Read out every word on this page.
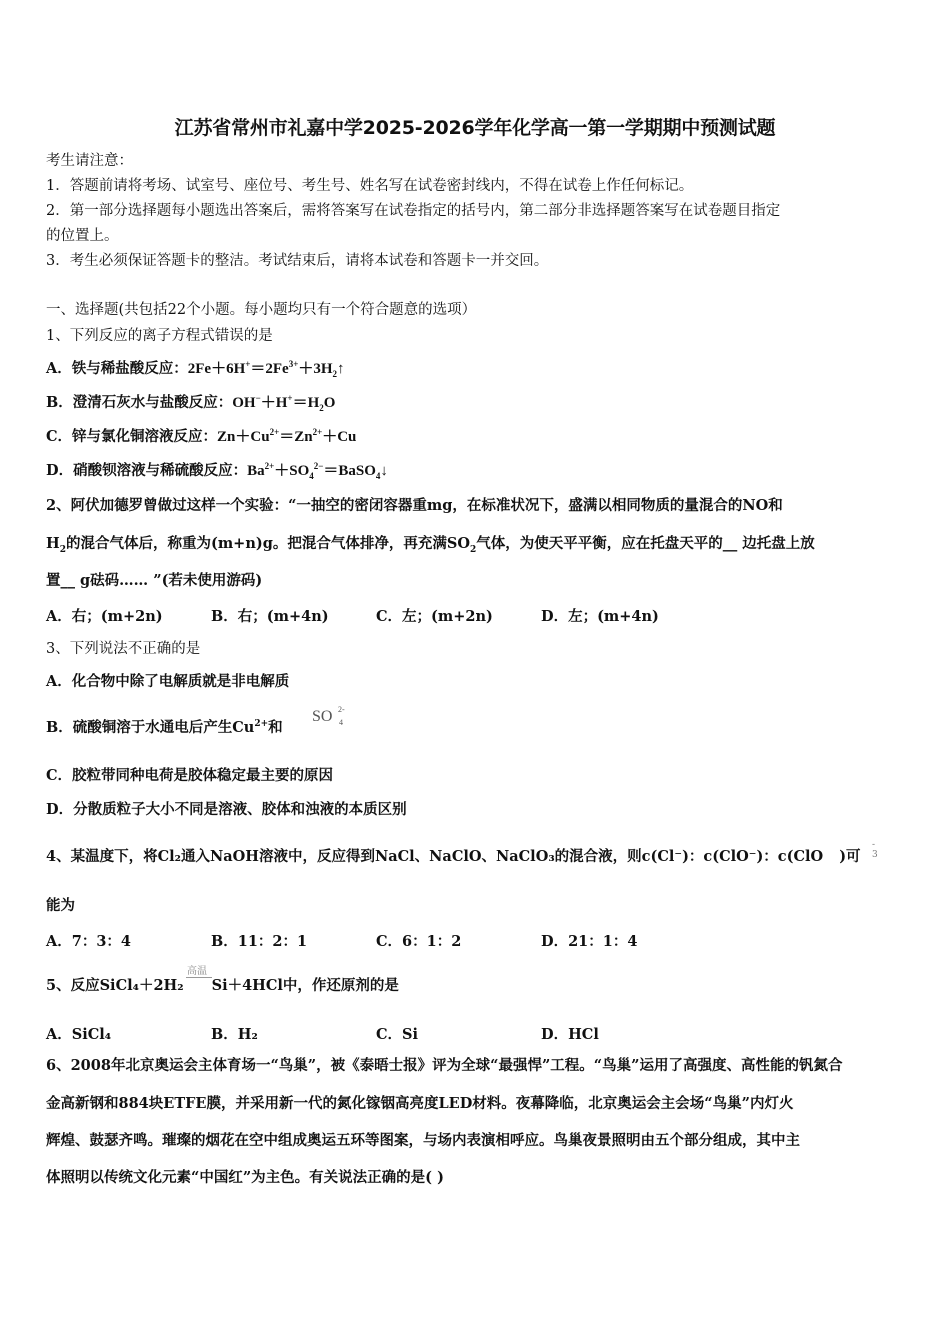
江苏省常州市礼嘉中学2025-2026学年化学高一第一学期期中预测试题
考生请注意：
1．答题前请将考场、试室号、座位号、考生号、姓名写在试卷密封线内，不得在试卷上作任何标记。
2．第一部分选择题每小题选出答案后，需将答案写在试卷指定的括号内，第二部分非选择题答案写在试卷题目指定
的位置上。
3．考生必须保证答题卡的整洁。考试结束后，请将本试卷和答题卡一并交回。
一、选择题(共包括22个小题。每小题均只有一个符合题意的选项）
1、下列反应的离子方程式错误的是
A．铁与稀盐酸反应：$2Fe+6H^+=2Fe^{3+}+3H_2↑$
B．澄清石灰水与盐酸反应：$OH^-+H^+=H_2O$
C．锌与氯化铜溶液反应：$Zn+Cu^{2+}=Zn^{2+}+Cu$
D．硝酸钡溶液与稀硫酸反应：$Ba^{2+}+SO_4^{2-}=BaSO_4↓$
2、阿伏加德罗曾做过这样一个实验：“一抽空的密闭容器重mg，在标准状况下，盛满以相同物质的量混合的NO和
$H_2$的混合气体后，称重为(m+n)g。把混合气体排净，再充满$SO_2$气体，为使天平平衡，应在托盘天平的__ 边托盘上放
置__ g砝码…… ”(若未使用游码)
A．右；(m+2n)	B．右；(m+4n)	C．左；(m+2n)	D．左；(m+4n)
3、下列说法不正确的是
A．化合物中除了电解质就是非电解质
B．硫酸铜溶于水通电后产生$Cu^{2+}$和
SO 2-
4
C．胶粒带同种电荷是胶体稳定最主要的原因
D．分散质粒子大小不同是溶液、胶体和浊液的本质区别
4、某温度下，将Cl₂通入NaOH溶液中，反应得到NaCl、NaClO、NaClO₃的混合液，则c(Cl⁻)：c(ClO⁻)：c(ClO )可
-
3
能为
A．7：3：4	B．11：2：1	C．6：1：2	D．21：1：4
5、反应SiCl₄＋2H₂ Si＋4HCl中，作还原剂的是
高温
A．SiCl₄	B．H₂	C．Si	D．HCl
6、2008年北京奥运会主体育场一“鸟巢”，被《泰晤士报》评为全球“最强悍”工程。“鸟巢”运用了高强度、高性能的钒氮合
金高新钢和884块ETFE膜，并采用新一代的氮化镓铟高亮度LED材料。夜幕降临，北京奥运会主会场“鸟巢”内灯火
辉煌、鼓瑟齐鸣。璀璨的烟花在空中组成奥运五环等图案，与场内表演相呼应。鸟巢夜景照明由五个部分组成，其中主
体照明以传统文化元素“中国红”为主色。有关说法正确的是( )
